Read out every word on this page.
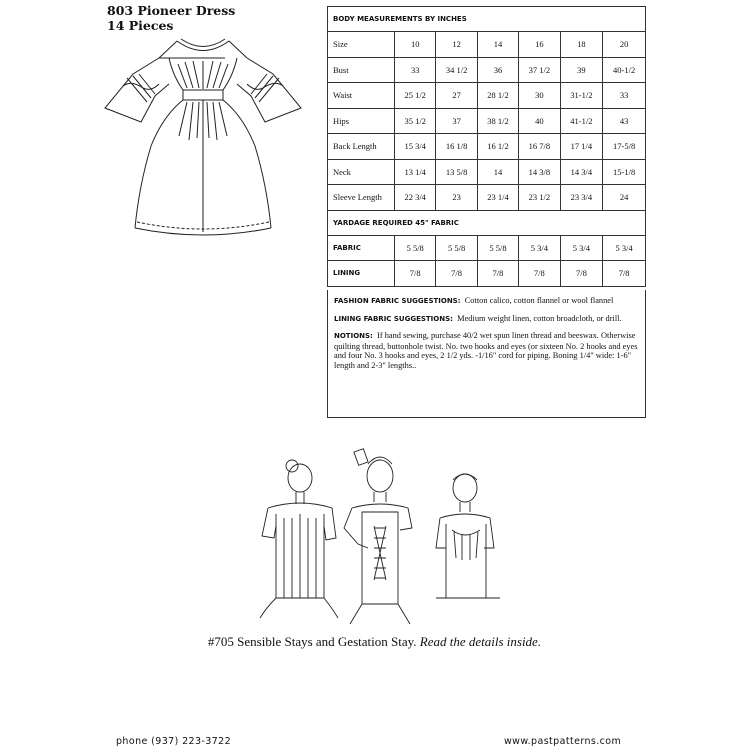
803 Pioneer Dress
14 Pieces	BODY MEASUREMENTS BY INCHES						
Size	10	12	14	16	18	20
Bust	33	34 1/2	36	37 1/2	39	40-1/2
Waist	25 1/2	27	28 1/2	30	31-1/2	33
Hips	35 1/2	37	38 1/2	40	41-1/2	43
Back Length	15 3/4	16 1/8	16 1/2	16 7/8	17 1/4	17-5/8
Neck	13 1/4	13 5/8	14	14 3/8	14 3/4	15-1/8
Sleeve Length	22 3/4	23	23 1/4	23 1/2	23 3/4	24
YARDAGE REQUIRED 45" FABRIC						
FABRIC	5 5/8	5 5/8	5 5/8	5 3/4	5 3/4	5 3/4
LINING	7/8	7/8	7/8	7/8	7/8	7/8

FASHION FABRIC SUGGESTIONS: Cotton calico, cotton flannel or wool flannel

LINING FABRIC SUGGESTIONS: Medium weight linen, cotton broadcloth, or drill.

NOTIONS: If hand sewing, purchase 40/2 wet spun linen thread and beeswax. Otherwise quilting thread, buttonhole twist. No. two hooks and eyes (or sixteen No. 2 hooks and eyes and four No. 3 hooks and eyes, 2 1/2 yds. -1/16" cord for piping. Boning 1/4" wide: 1-6" length and 2-3" lengths..

#705 Sensible Stays and Gestation Stay. Read the details inside.
phone (937) 223-3722	www.pastpatterns.com
